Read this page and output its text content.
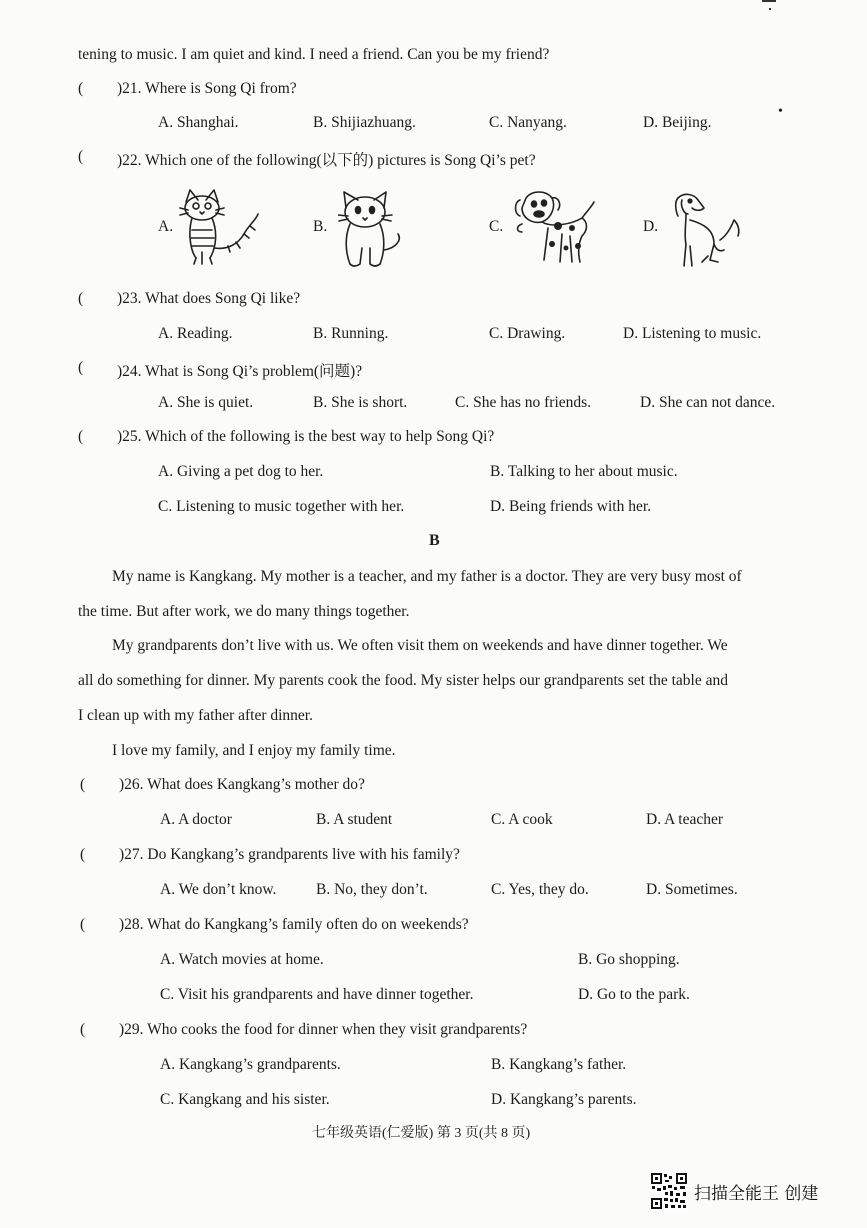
tening to music. I am quiet and kind. I need a friend. Can you be my friend?
( )21. Where is Song Qi from?
A. Shanghai.	B. Shijiazhuang.	C. Nanyang.	D. Beijing.
•
( )22. Which one of the following(以下的) pictures is Song Qi’s pet?
A.	B.	C.	D.
( )23. What does Song Qi like?
A. Reading.	B. Running.	C. Drawing.	D. Listening to music.
( )24. What is Song Qi’s problem(问题)?
A. She is quiet.	B. She is short.	C. She has no friends.	D. She can not dance.
( )25. Which of the following is the best way to help Song Qi?
A. Giving a pet dog to her.	B. Talking to her about music.
C. Listening to music together with her.	D. Being friends with her.
B
My name is Kangkang. My mother is a teacher, and my father is a doctor. They are very busy most of
the time. But after work, we do many things together.
My grandparents don’t live with us. We often visit them on weekends and have dinner together. We
all do something for dinner. My parents cook the food. My sister helps our grandparents set the table and
I clean up with my father after dinner.
I love my family, and I enjoy my family time.
( )26. What does Kangkang’s mother do?
A. A doctor	B. A student	C. A cook	D. A teacher
( )27. Do Kangkang’s grandparents live with his family?
A. We don’t know.	B. No, they don’t.	C. Yes, they do.	D. Sometimes.
( )28. What do Kangkang’s family often do on weekends?
A. Watch movies at home.	B. Go shopping.
C. Visit his grandparents and have dinner together.	D. Go to the park.
( )29. Who cooks the food for dinner when they visit grandparents?
A. Kangkang’s grandparents.	B. Kangkang’s father.
C. Kangkang and his sister.	D. Kangkang’s parents.
七年级英语(仁爱版) 第 3 页(共 8 页)
扫描全能王 创建
